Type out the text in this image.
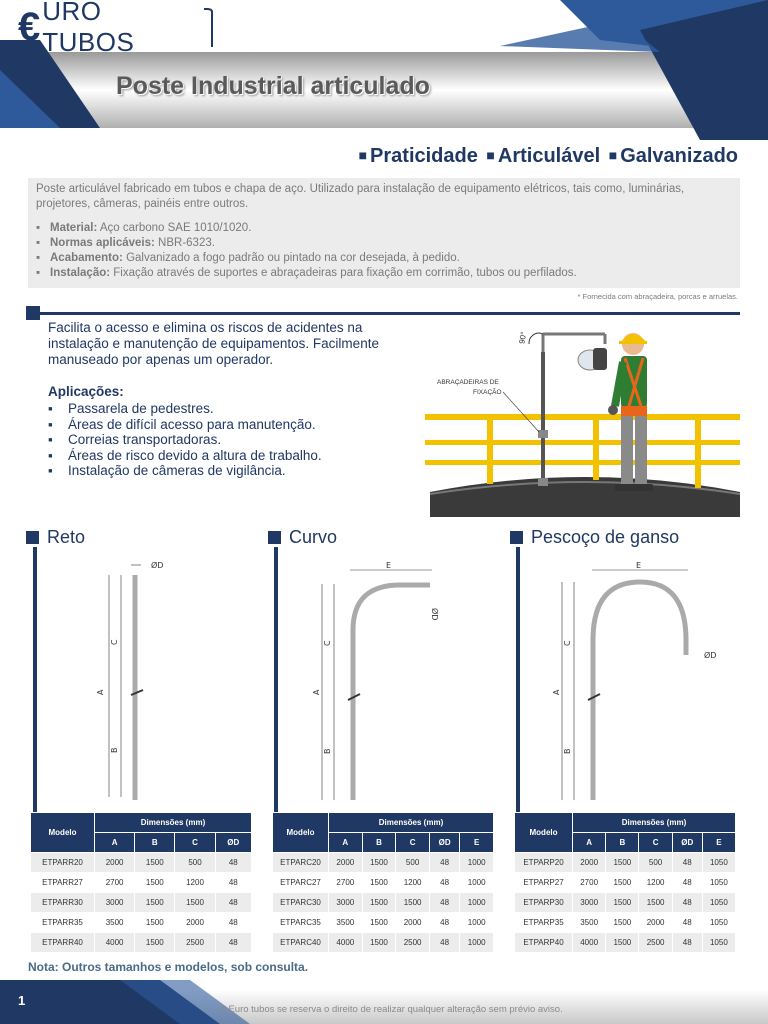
€ URO TUBOS
Poste Industrial articulado
■ Praticidade ■ Articulável ■ Galvanizado

Poste articulável fabricado em tubos e chapa de aço. Utilizado para instalação de equipamento elétricos, tais como, luminárias, projetores, câmeras, painéis entre outros.

▪ Material: Aço carbono SAE 1010/1020.
▪ Normas aplicáveis: NBR-6323.
▪ Acabamento: Galvanizado a fogo padrão ou pintado na cor desejada, à pedido.
▪ Instalação: Fixação através de suportes e abraçadeiras para fixação em corrimão, tubos ou perfilados.
* Fornecida com abraçadeira, porcas e arruelas.
Facilita o acesso e elimina os riscos de acidentes na instalação e manutenção de equipamentos. Facilmente manuseado por apenas um operador.
Aplicações:
▪ Passarela de pedestres.
▪ Áreas de difícil acesso para manutenção.
▪ Correias transportadoras.
▪ Áreas de risco devido a altura de trabalho.
▪ Instalação de câmeras de vigilância.
90°
ABRAÇADEIRAS DE
FIXAÇÃO
Reto
ØD
A
C
B
Curvo
E
ØD
A
C
B
Pescoço de ganso
E
ØD
A
C
B
Modelo	Dimensões (mm)			
	A	B	C	ØD
ETPARR20	2000	1500	500	48
ETPARR27	2700	1500	1200	48
ETPARR30	3000	1500	1500	48
ETPARR35	3500	1500	2000	48
ETPARR40	4000	1500	2500	48
Modelo	Dimensões (mm)				
	A	B	C	ØD	E
ETPARC20	2000	1500	500	48	1000
ETPARC27	2700	1500	1200	48	1000
ETPARC30	3000	1500	1500	48	1000
ETPARC35	3500	1500	2000	48	1000
ETPARC40	4000	1500	2500	48	1000
Modelo	Dimensões (mm)				
	A	B	C	ØD	E
ETPARP20	2000	1500	500	48	1050
ETPARP27	2700	1500	1200	48	1050
ETPARP30	3000	1500	1500	48	1050
ETPARP35	3500	1500	2000	48	1050
ETPARP40	4000	1500	2500	48	1050
Nota: Outros tamanhos e modelos, sob consulta.
1
A Euro tubos se reserva o direito de realizar qualquer alteração sem prévio aviso.
